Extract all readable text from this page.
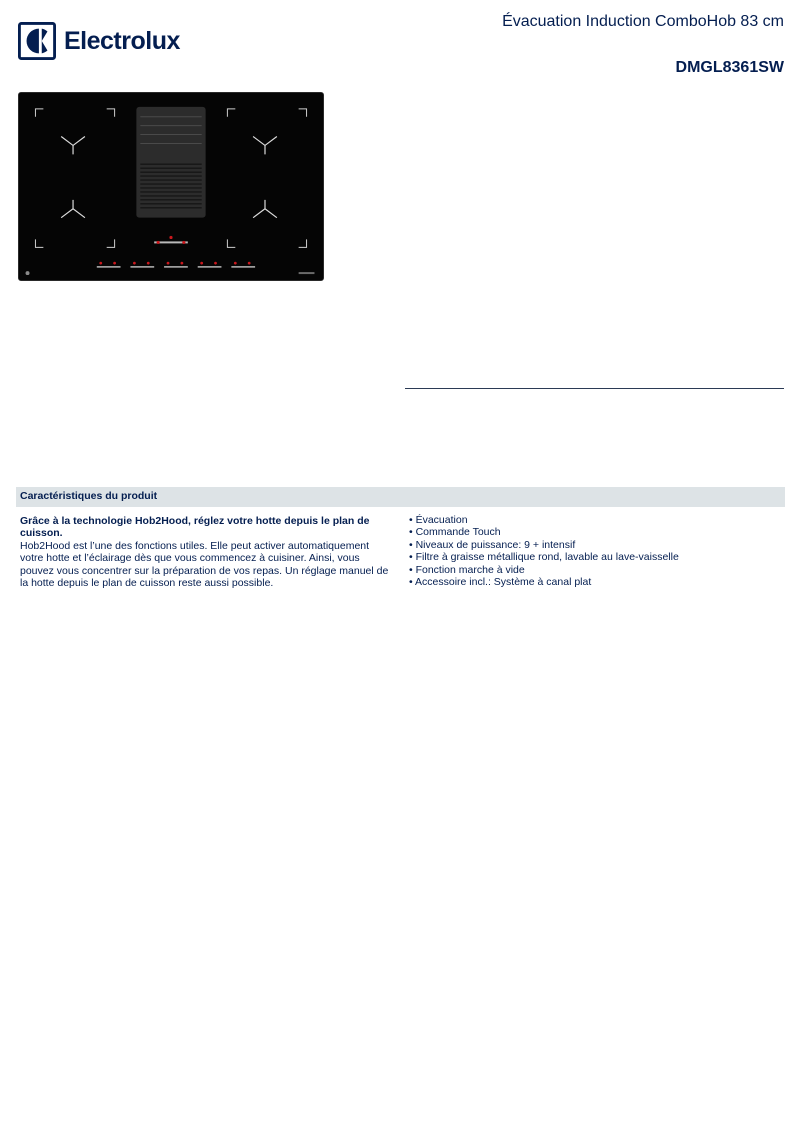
Electrolux
Évacuation Induction ComboHob 83 cm
DMGL8361SW
Caractéristiques du produit
Grâce à la technologie Hob2Hood, réglez votre hotte depuis le plan de cuisson.
Hob2Hood est l’une des fonctions utiles. Elle peut activer automatiquement votre hotte et l’éclairage dès que vous commencez à cuisiner. Ainsi, vous pouvez vous concentrer sur la préparation de vos repas. Un réglage manuel de la hotte depuis le plan de cuisson reste aussi possible.
• Évacuation
• Commande Touch
• Niveaux de puissance: 9 + intensif
• Filtre à graisse métallique rond, lavable au lave-vaisselle
• Fonction marche à vide
• Accessoire incl.: Système à canal plat
